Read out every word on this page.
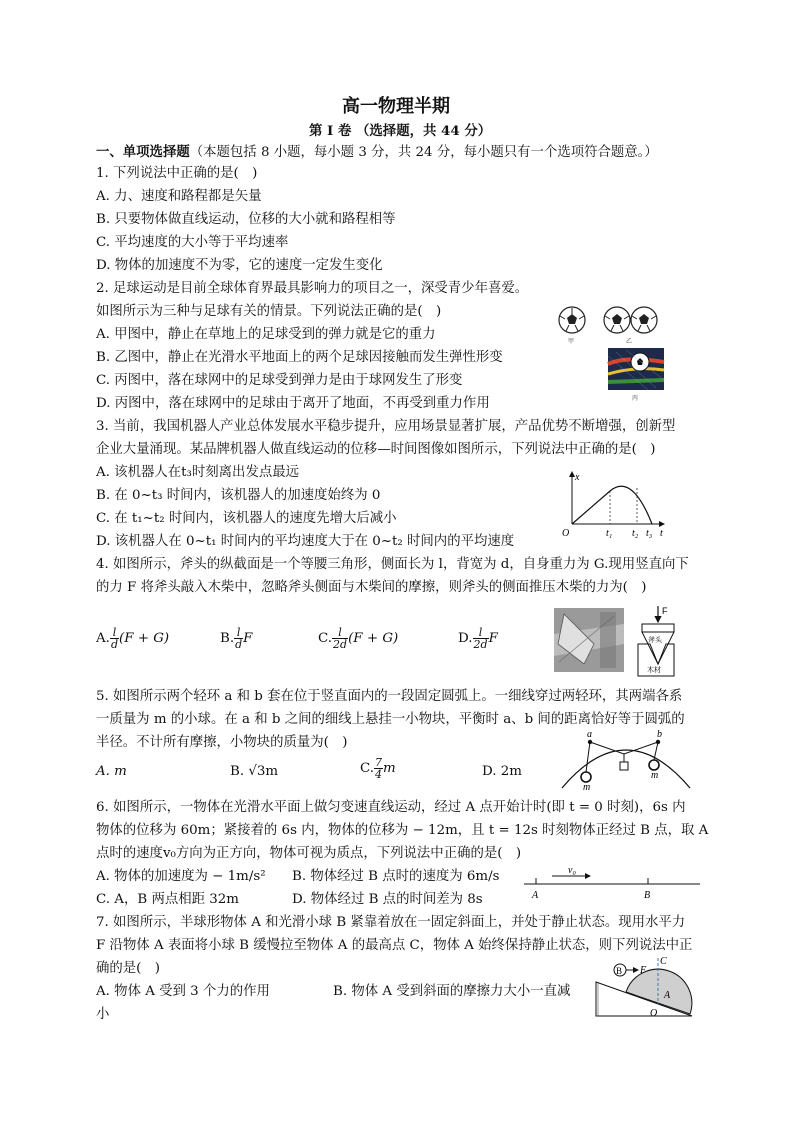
高一物理半期
第 I 卷 （选择题，共 44 分）
一、单项选择题（本题包括 8 小题，每小题 3 分，共 24 分，每小题只有一个选项符合题意。）
1. 下列说法中正确的是(　)
A. 力、速度和路程都是矢量
B. 只要物体做直线运动，位移的大小就和路程相等
C. 平均速度的大小等于平均速率
D. 物体的加速度不为零，它的速度一定发生变化
2. 足球运动是目前全球体育界最具影响力的项目之一，深受青少年喜爱。
如图所示为三种与足球有关的情景。下列说法正确的是(　)
A. 甲图中，静止在草地上的足球受到的弹力就是它的重力
B. 乙图中，静止在光滑水平地面上的两个足球因接触而发生弹性形变
C. 丙图中，落在球网中的足球受到弹力是由于球网发生了形变
D. 丙图中，落在球网中的足球由于离开了地面，不再受到重力作用
甲	乙
丙
3. 当前，我国机器人产业总体发展水平稳步提升，应用场景显著扩展，产品优势不断增强，创新型
企业大量涌现。某品牌机器人做直线运动的位移—时间图像如图所示，下列说法中正确的是(　)
A. 该机器人在t₃时刻离出发点最远
B. 在 0~t₃ 时间内，该机器人的加速度始终为 0
C. 在 t₁~t₂ 时间内，该机器人的速度先增大后减小
D. 该机器人在 0~t₁ 时间内的平均速度大于在 0~t₂ 时间内的平均速度
x
t
O	t₁ t₂ t₃
4. 如图所示，斧头的纵截面是一个等腰三角形，侧面长为 l，背宽为 d，自身重力为 G.现用竖直向下
的力 F 将斧头敲入木柴中，忽略斧头侧面与木柴间的摩擦，则斧头的侧面推压木柴的力为(　)
A. $\frac{l}{d} (F + G)$	B. $\frac{l}{d}$ F	C. $\frac{l}{2d} (F + G)$	D. $\frac{l}{2d}$ F
F
斧头
木材
5. 如图所示两个轻环 a 和 b 套在位于竖直面内的一段固定圆弧上。一细线穿过两轻环，其两端各系
一质量为 m 的小球。在 a 和 b 之间的细线上悬挂一小物块，平衡时 a、b 间的距离恰好等于圆弧的
半径。不计所有摩擦，小物块的质量为(　)
A. m	B. √3m	C. $\frac{7}{4}$ m	D. 2m
a	b
m
m
6. 如图所示，一物体在光滑水平面上做匀变速直线运动，经过 A 点开始计时(即 t = 0 时刻)，6s 内
物体的位移为 60m；紧接着的 6s 内，物体的位移为 − 12m，且 t = 12s 时刻物体正经过 B 点，取 A
点时的速度v₀方向为正方向，物体可视为质点，下列说法中正确的是(　)
A. 物体的加速度为 − 1m/s² B. 物体经过 B 点时的速度为 6m/s
C. A，B 两点相距 32m	D. 物体经过 B 点的时间差为 8s
v₀
A	B
7. 如图所示，半球形物体 A 和光滑小球 B 紧靠着放在一固定斜面上，并处于静止状态。现用水平力
F 沿物体 A 表面将小球 B 缓慢拉至物体 A 的最高点 C，物体 A 始终保持静止状态，则下列说法中正
确的是(　)
A. 物体 A 受到 3 个力的作用	B. 物体 A 受到斜面的摩擦力大小一直减
小
B F
C
A
O
